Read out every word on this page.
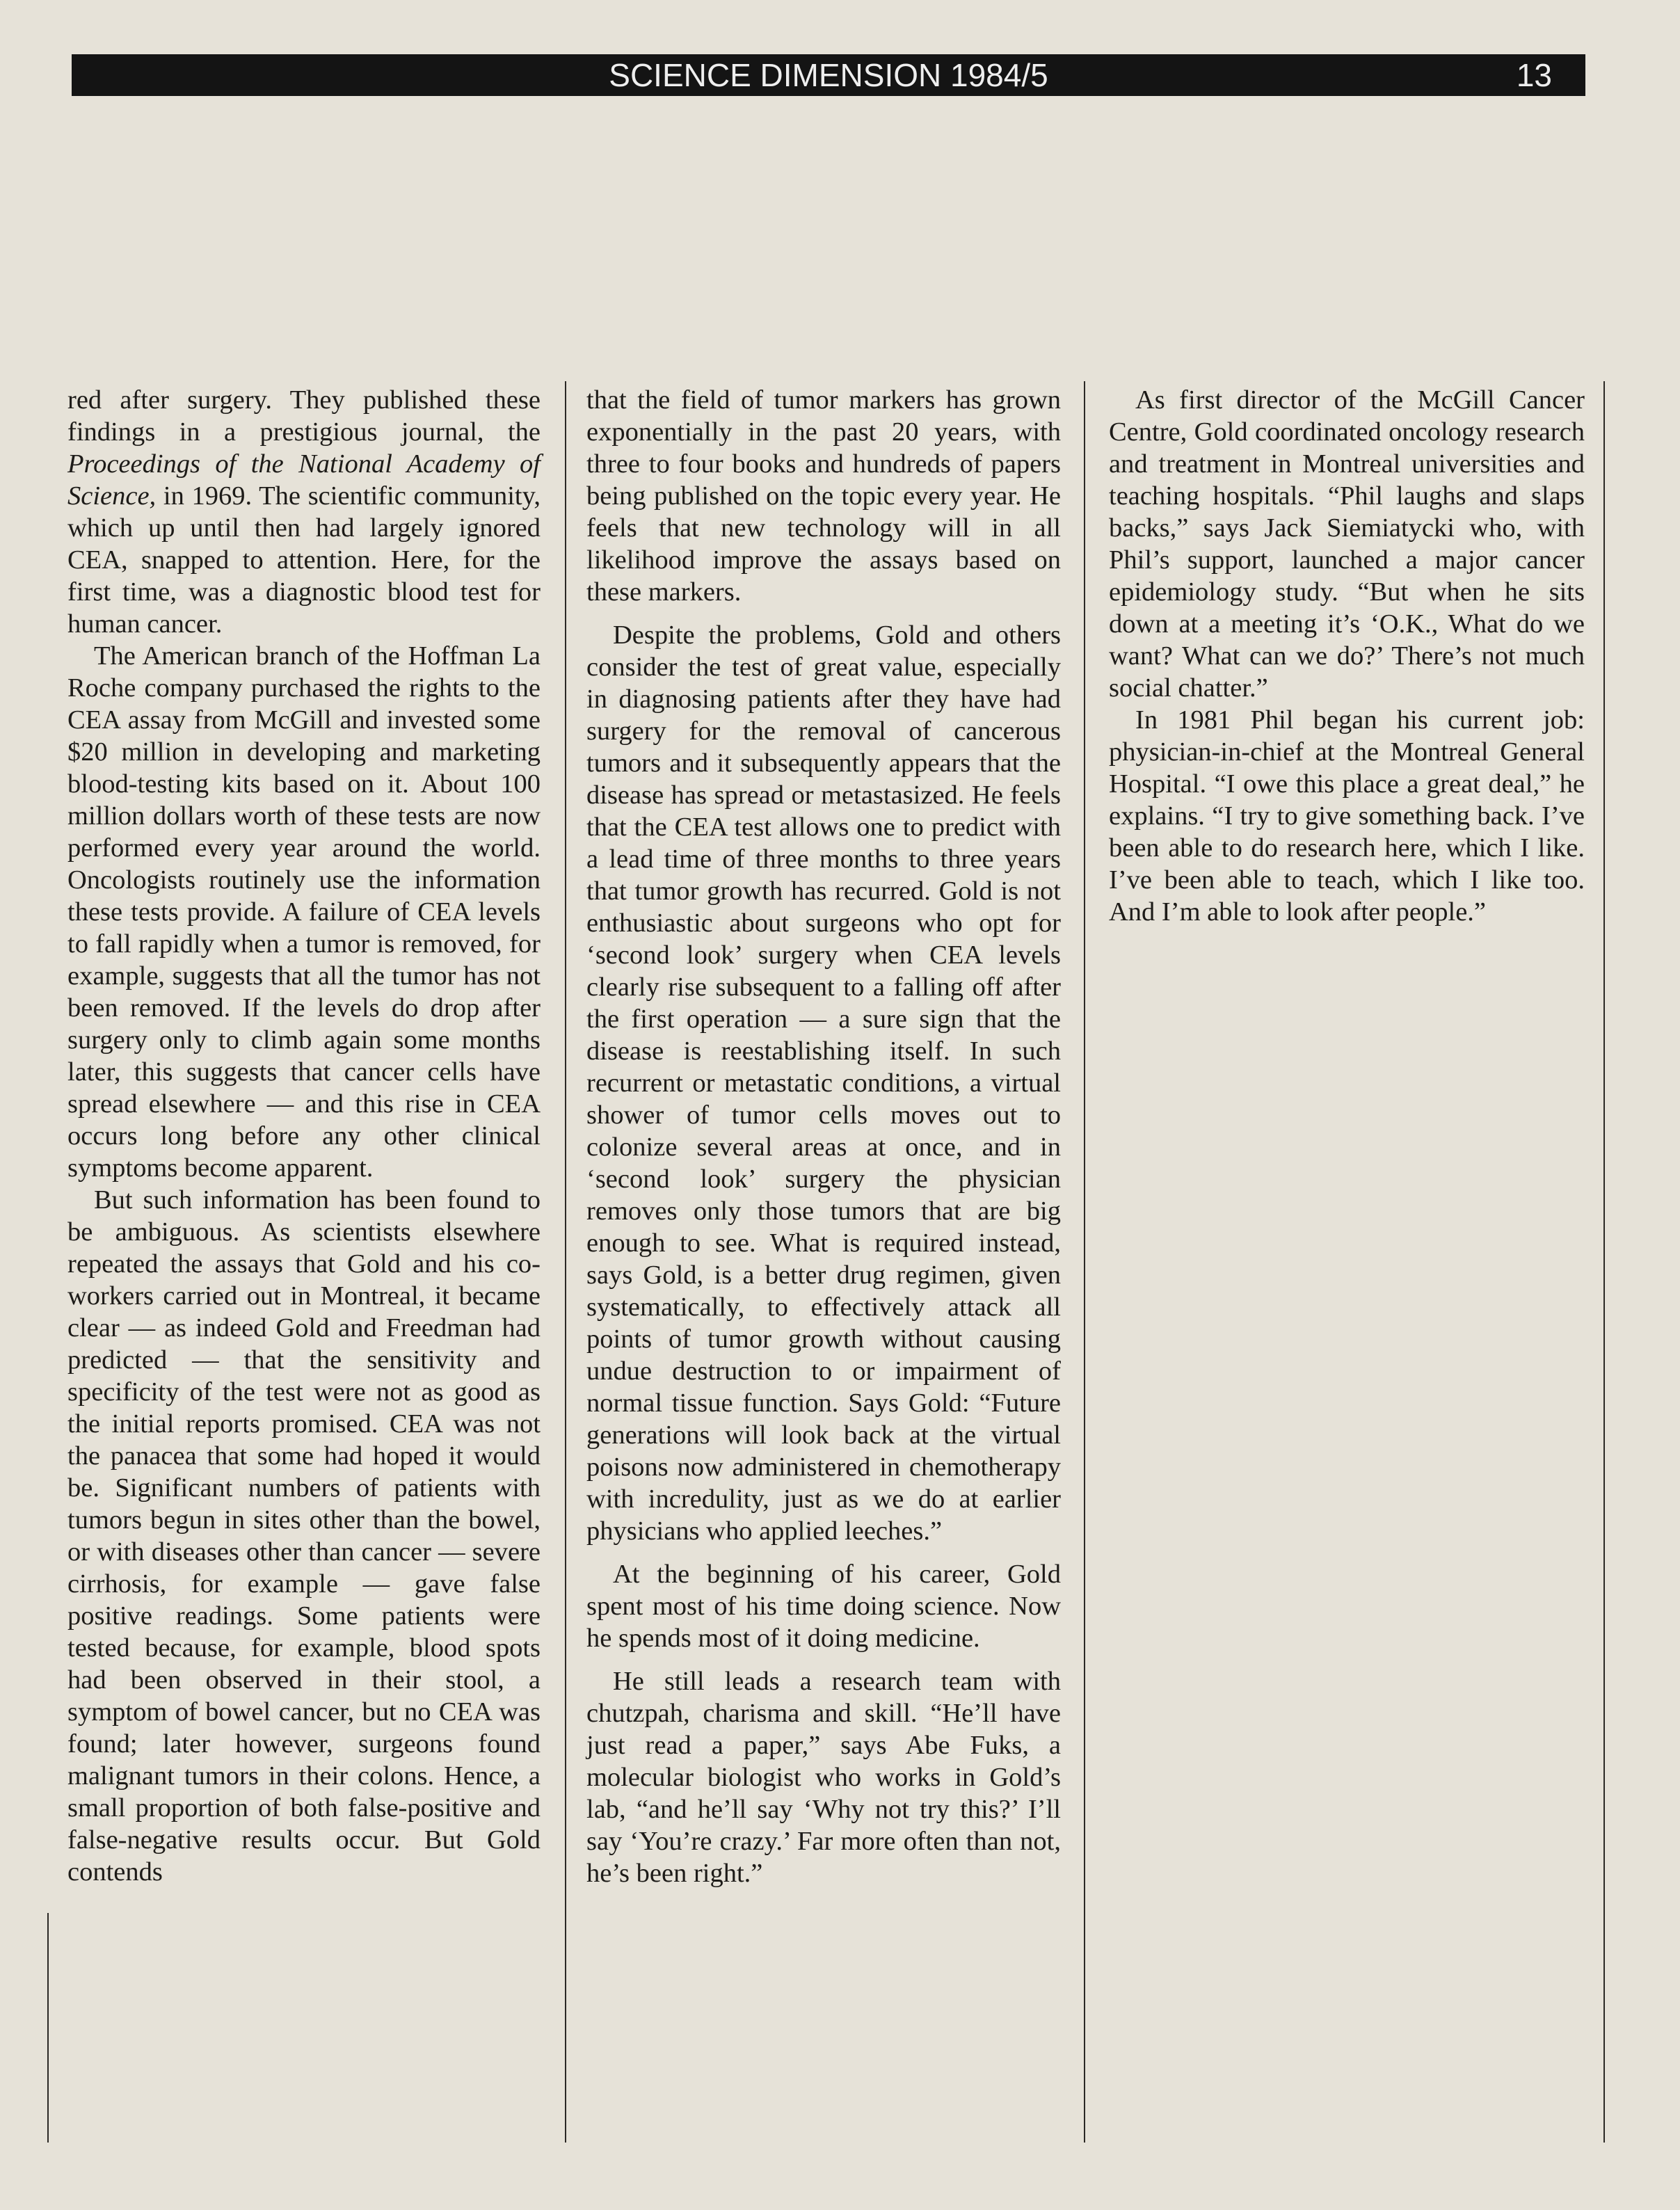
SCIENCE DIMENSION 1984/5	13

red after surgery. They published these findings in a prestigious journal, the Proceedings of the National Academy of Science, in 1969. The scientific community, which up until then had largely ignored CEA, snapped to attention. Here, for the first time, was a diagnostic blood test for human cancer.

The American branch of the Hoffman La Roche company purchased the rights to the CEA assay from McGill and invested some $20 million in developing and marketing blood-testing kits based on it. About 100 million dollars worth of these tests are now performed every year around the world. Oncologists routinely use the information these tests provide. A failure of CEA levels to fall rapidly when a tumor is removed, for example, suggests that all the tumor has not been removed. If the levels do drop after surgery only to climb again some months later, this suggests that cancer cells have spread elsewhere — and this rise in CEA occurs long before any other clinical symptoms become apparent.

But such information has been found to be ambiguous. As scientists elsewhere repeated the assays that Gold and his co-workers carried out in Montreal, it became clear — as indeed Gold and Freedman had predicted — that the sensitivity and specificity of the test were not as good as the initial reports promised. CEA was not the panacea that some had hoped it would be. Significant numbers of patients with tumors begun in sites other than the bowel, or with diseases other than cancer — severe cirrhosis, for example — gave false positive readings. Some patients were tested because, for example, blood spots had been observed in their stool, a symptom of bowel cancer, but no CEA was found; later however, surgeons found malignant tumors in their colons. Hence, a small proportion of both false-positive and false-negative results occur. But Gold contends

that the field of tumor markers has grown exponentially in the past 20 years, with three to four books and hundreds of papers being published on the topic every year. He feels that new technology will in all likelihood improve the assays based on these markers.

Despite the problems, Gold and others consider the test of great value, especially in diagnosing patients after they have had surgery for the removal of cancerous tumors and it subsequently appears that the disease has spread or metastasized. He feels that the CEA test allows one to predict with a lead time of three months to three years that tumor growth has recurred. Gold is not enthusiastic about surgeons who opt for ‘second look’ surgery when CEA levels clearly rise subsequent to a falling off after the first operation — a sure sign that the disease is reestablishing itself. In such recurrent or metastatic conditions, a virtual shower of tumor cells moves out to colonize several areas at once, and in ‘second look’ surgery the physician removes only those tumors that are big enough to see. What is required instead, says Gold, is a better drug regimen, given systematically, to effectively attack all points of tumor growth without causing undue destruction to or impairment of normal tissue function. Says Gold: “Future generations will look back at the virtual poisons now administered in chemotherapy with incredulity, just as we do at earlier physicians who applied leeches.”

At the beginning of his career, Gold spent most of his time doing science. Now he spends most of it doing medicine.

He still leads a research team with chutzpah, charisma and skill. “He’ll have just read a paper,” says Abe Fuks, a molecular biologist who works in Gold’s lab, “and he’ll say ‘Why not try this?’ I’ll say ‘You’re crazy.’ Far more often than not, he’s been right.”

As first director of the McGill Cancer Centre, Gold coordinated oncology research and treatment in Montreal universities and teaching hospitals. “Phil laughs and slaps backs,” says Jack Siemiatycki who, with Phil’s support, launched a major cancer epidemiology study. “But when he sits down at a meeting it’s ‘O.K., What do we want? What can we do?’ There’s not much social chatter.”

In 1981 Phil began his current job: physician-in-chief at the Montreal General Hospital. “I owe this place a great deal,” he explains. “I try to give something back. I’ve been able to do research here, which I like. I’ve been able to teach, which I like too. And I’m able to look after people.”
